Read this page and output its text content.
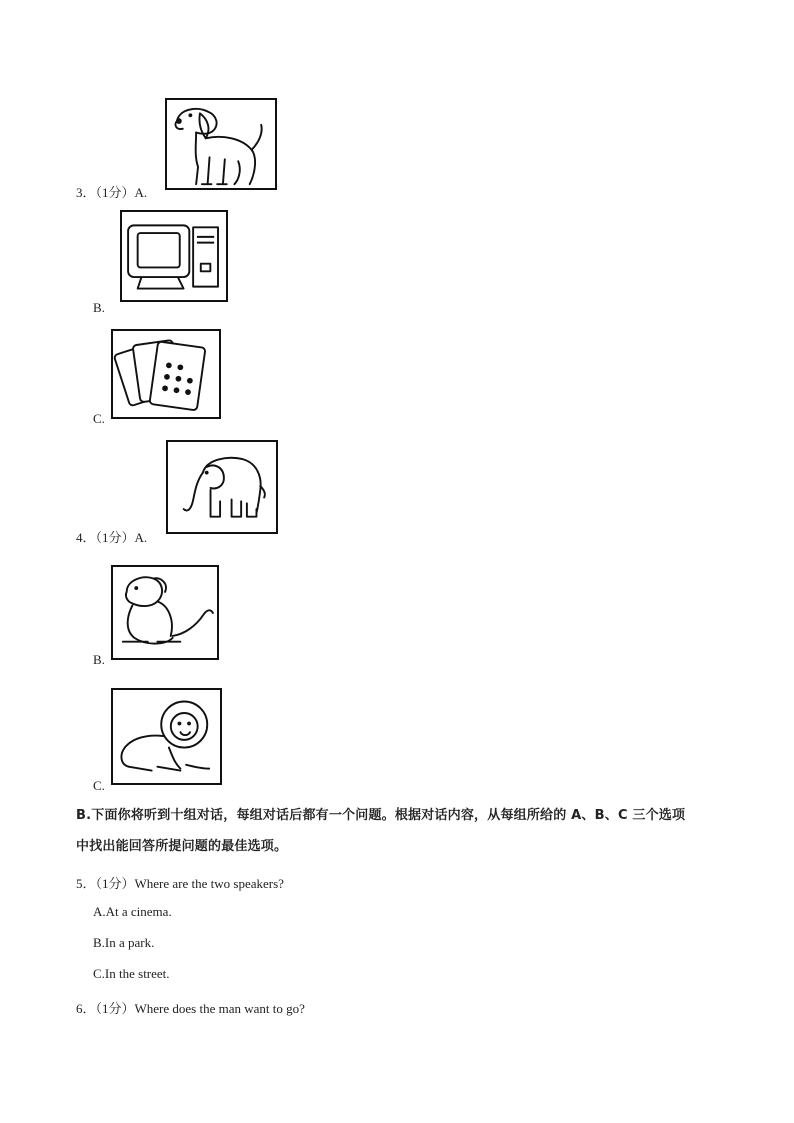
3．（1分）A.
B.
C.
4．（1分）A.
B.
C.
B.下面你将听到十组对话，每组对话后都有一个问题。根据对话内容，从每组所给的 A、B、C 三个选项
中找出能回答所提问题的最佳选项。
5．（1分）Where are the two speakers?
A.At a cinema.
B.In a park.
C.In the street.
6．（1分）Where does the man want to go?
